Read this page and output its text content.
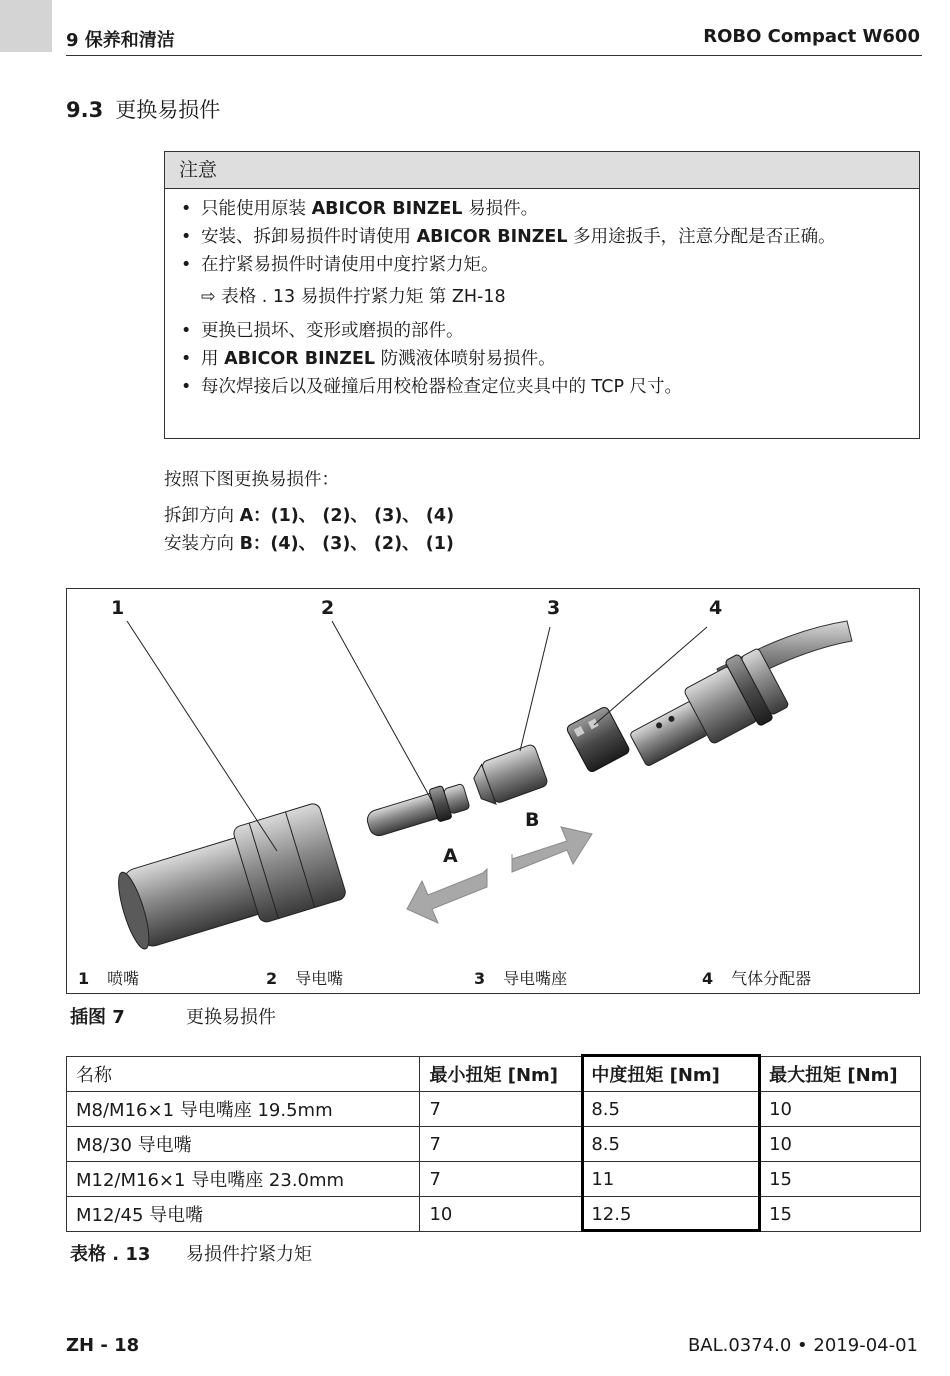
9 保养和清洁	ROBO Compact W600
9.3 更换易损件
注意
• 只能使用原装 ABICOR BINZEL 易损件。
• 安装、拆卸易损件时请使用 ABICOR BINZEL 多用途扳手，注意分配是否正确。
• 在拧紧易损件时请使用中度拧紧力矩。
⇨ 表格 . 13 易损件拧紧力矩 第 ZH-18
• 更换已损坏、变形或磨损的部件。
• 用 ABICOR BINZEL 防溅液体喷射易损件。
• 每次焊接后以及碰撞后用校枪器检查定位夹具中的 TCP 尺寸。
按照下图更换易损件：
拆卸方向 A：(1)、 (2)、 (3)、 (4)
安装方向 B：(4)、 (3)、 (2)、 (1)
1	2	3	4
A
B
1 喷嘴	2 导电嘴	3 导电嘴座	4 气体分配器
插图 7	更换易损件
名称	最小扭矩 [Nm]	中度扭矩 [Nm]	最大扭矩 [Nm]
M8/M16×1 导电嘴座 19.5mm	7	8.5	10
M8/30 导电嘴	7	8.5	10
M12/M16×1 导电嘴座 23.0mm	7	11	15
M12/45 导电嘴	10	12.5	15
表格 . 13 易损件拧紧力矩
ZH - 18	BAL.0374.0 • 2019-04-01
